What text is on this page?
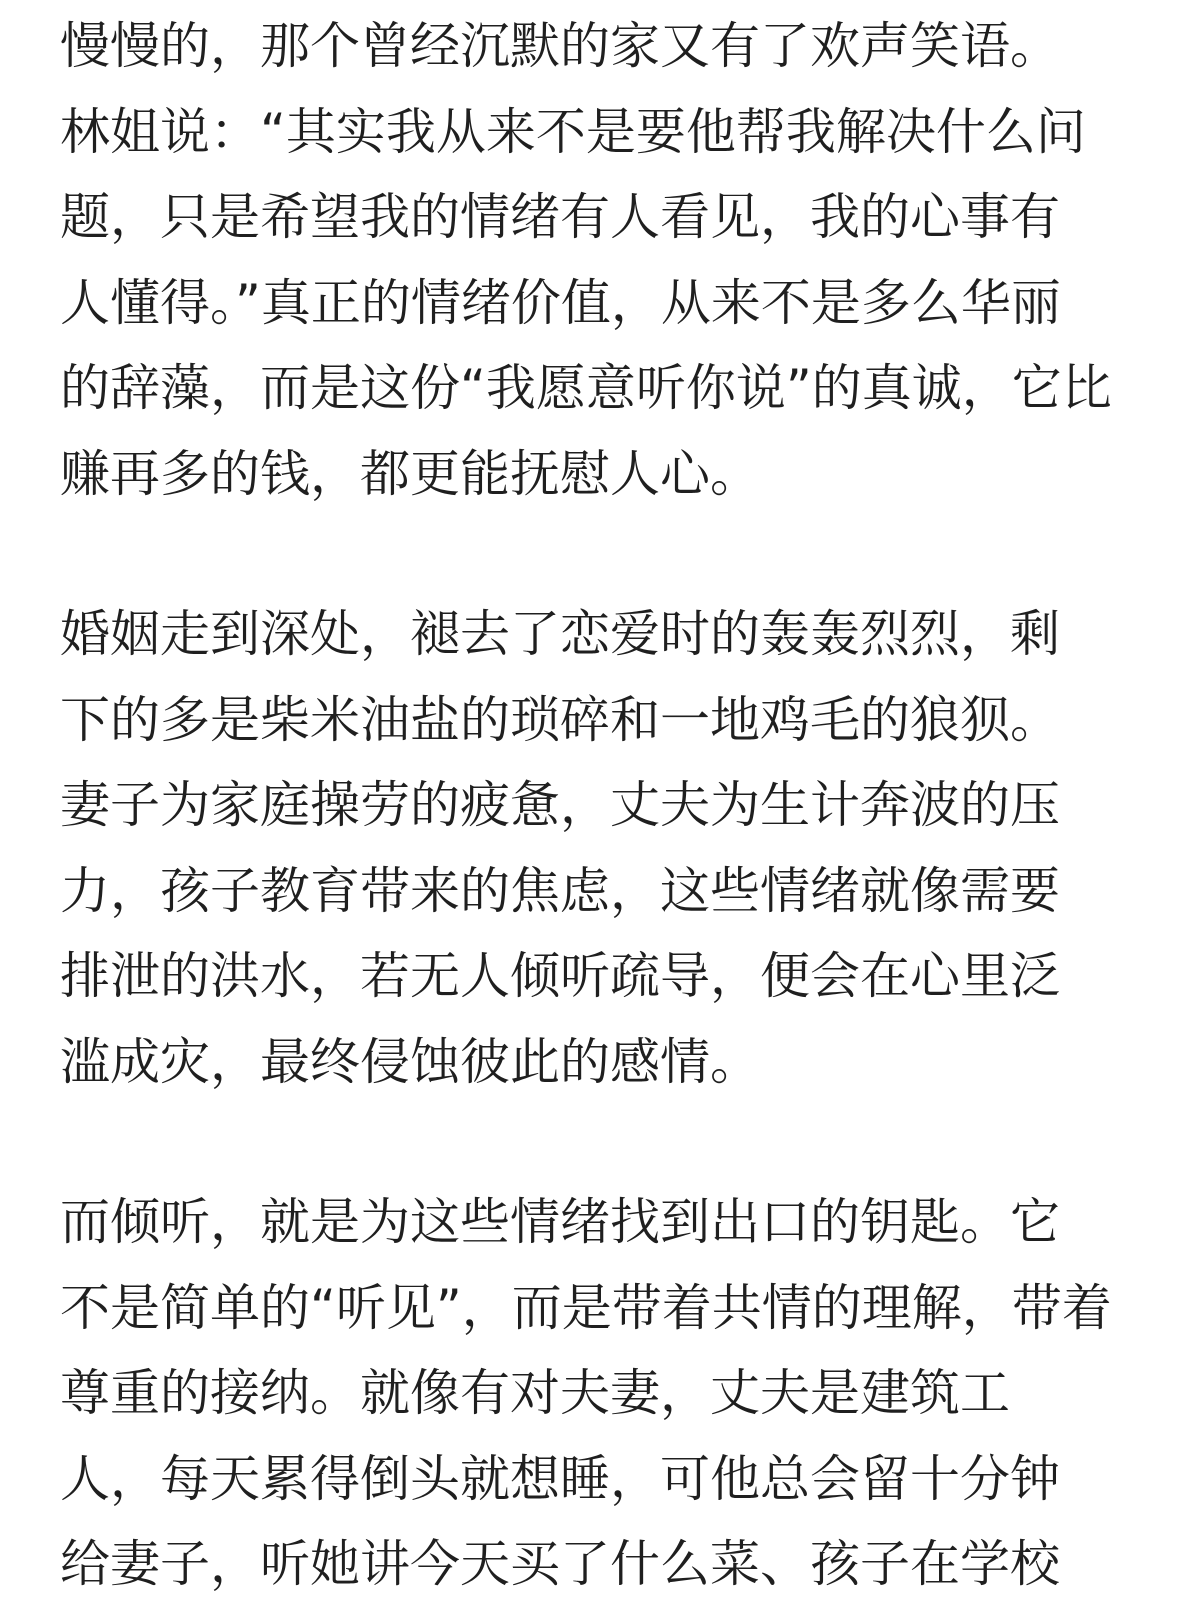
慢慢的，那个曾经沉默的家又有了欢声笑语。
林姐说：“其实我从来不是要他帮我解决什么问
题，只是希望我的情绪有人看见，我的心事有
人懂得。”真正的情绪价值，从来不是多么华丽
的辞藻，而是这份“我愿意听你说”的真诚，它比
赚再多的钱，都更能抚慰人心。
婚姻走到深处，褪去了恋爱时的轰轰烈烈，剩
下的多是柴米油盐的琐碎和一地鸡毛的狼狈。
妻子为家庭操劳的疲惫，丈夫为生计奔波的压
力，孩子教育带来的焦虑，这些情绪就像需要
排泄的洪水，若无人倾听疏导，便会在心里泛
滥成灾，最终侵蚀彼此的感情。
而倾听，就是为这些情绪找到出口的钥匙。它
不是简单的“听见”，而是带着共情的理解，带着
尊重的接纳。就像有对夫妻，丈夫是建筑工
人，每天累得倒头就想睡，可他总会留十分钟
给妻子，听她讲今天买了什么菜、孩子在学校
